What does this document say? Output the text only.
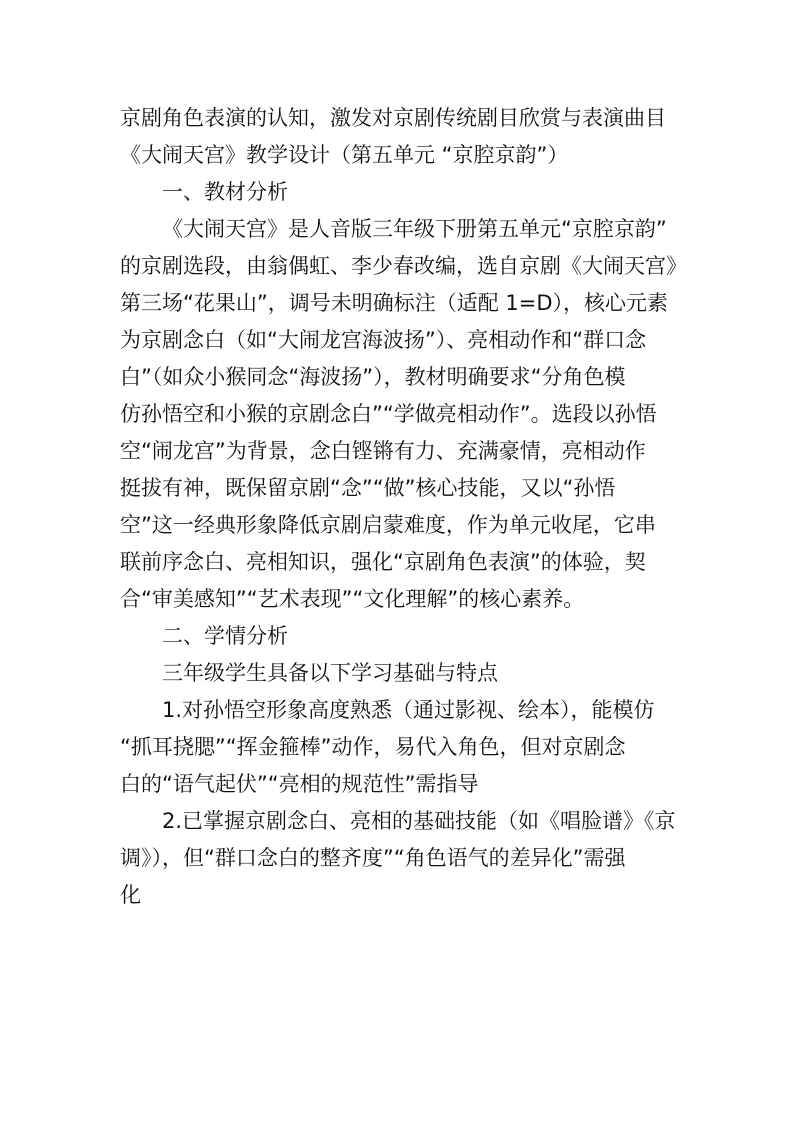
京剧角色表演的认知，激发对京剧传统剧目欣赏与表演曲目
《大闹天宫》教学设计（第五单元 “京腔京韵”）
一、教材分析
《大闹天宫》是人音版三年级下册第五单元“京腔京韵”
的京剧选段，由翁偶虹、李少春改编，选自京剧《大闹天宫》
第三场“花果山”，调号未明确标注（适配 1=D），核心元素
为京剧念白（如“大闹龙宫海波扬”）、亮相动作和“群口念
白”（如众小猴同念“海波扬”），教材明确要求“分角色模
仿孙悟空和小猴的京剧念白”“学做亮相动作”。选段以孙悟
空“闹龙宫”为背景，念白铿锵有力、充满豪情，亮相动作
挺拔有神，既保留京剧“念”“做”核心技能，又以“孙悟
空”这一经典形象降低京剧启蒙难度，作为单元收尾，它串
联前序念白、亮相知识，强化“京剧角色表演”的体验，契
合“审美感知”“艺术表现”“文化理解”的核心素养。
二、学情分析
三年级学生具备以下学习基础与特点
1.对孙悟空形象高度熟悉（通过影视、绘本），能模仿
“抓耳挠腮”“挥金箍棒”动作，易代入角色，但对京剧念
白的“语气起伏”“亮相的规范性”需指导
2.已掌握京剧念白、亮相的基础技能（如《唱脸谱》《京
调》），但“群口念白的整齐度”“角色语气的差异化”需强
化
